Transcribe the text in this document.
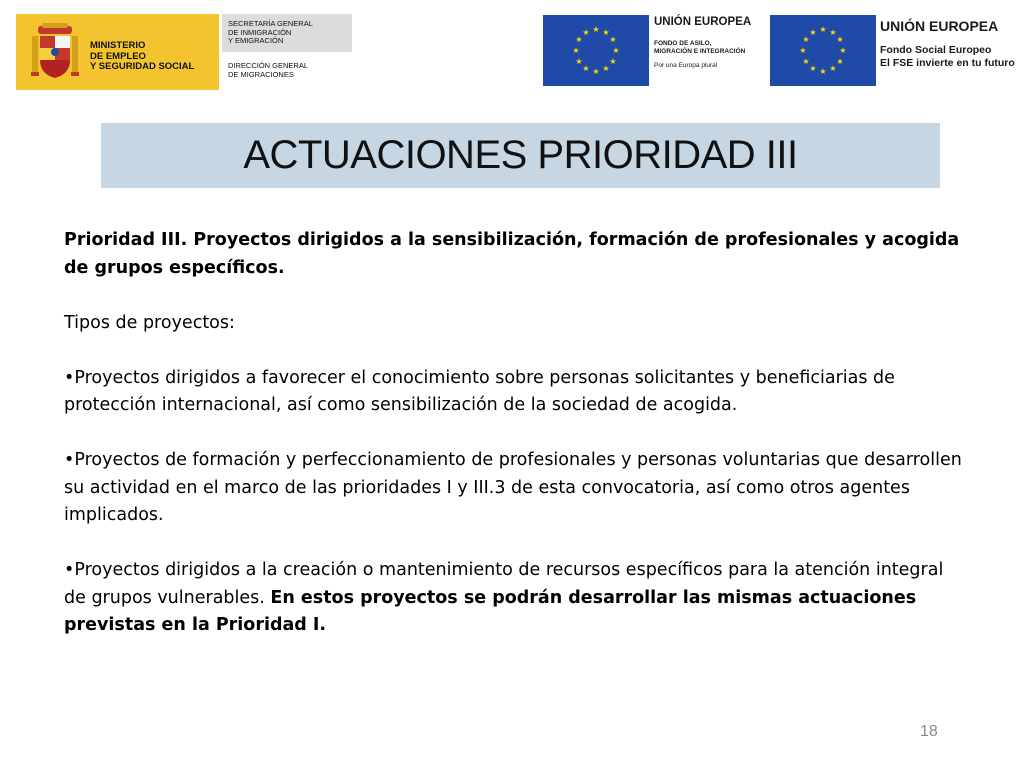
MINISTERIO
DE EMPLEO
Y SEGURIDAD SOCIAL
SECRETARÍA GENERAL
DE INMIGRACIÓN
Y EMIGRACIÓN
DIRECCIÓN GENERAL
DE MIGRACIONES
★ ★
★
★
★
★
★
★
★
★
★
★
UNIÓN EUROPEA
FONDO DE ASILO,
MIGRACIÓN E INTEGRACIÓN
Por una Europa plural
★ ★
★
★
★
★
★
★
★
★
★
★	UNIÓN EUROPEA
Fondo Social Europeo
El FSE invierte en tu futuro
ACTUACIONES PRIORIDAD III

Prioridad III. Proyectos dirigidos a la sensibilización, formación de profesionales y acogida de grupos específicos.

Tipos de proyectos:

•Proyectos dirigidos a favorecer el conocimiento sobre personas solicitantes y beneficiarias de protección internacional, así como sensibilización de la sociedad de acogida.

•Proyectos de formación y perfeccionamiento de profesionales y personas voluntarias que desarrollen su actividad en el marco de las prioridades I y III.3 de esta convocatoria, así como otros agentes implicados.

•Proyectos dirigidos a la creación o mantenimiento de recursos específicos para la atención integral de grupos vulnerables. En estos proyectos se podrán desarrollar las mismas actuaciones previstas en la Prioridad I.

18
